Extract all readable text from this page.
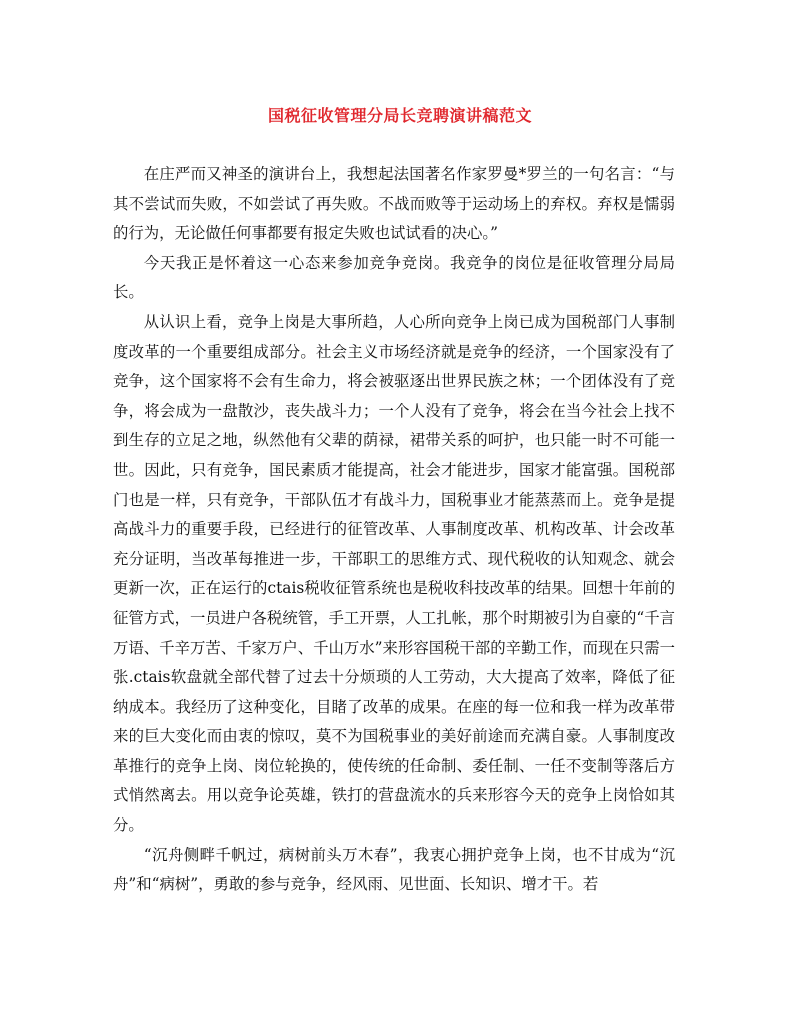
国税征收管理分局长竞聘演讲稿范文

在庄严而又神圣的演讲台上，我想起法国著名作家罗曼*罗兰的一句名言：“与其不尝试而失败，不如尝试了再失败。不战而败等于运动场上的弃权。弃权是懦弱的行为，无论做任何事都要有报定失败也试试看的决心。”

今天我正是怀着这一心态来参加竞争竞岗。我竞争的岗位是征收管理分局局长。

从认识上看，竞争上岗是大事所趋，人心所向竞争上岗已成为国税部门人事制度改革的一个重要组成部分。社会主义市场经济就是竞争的经济，一个国家没有了竞争，这个国家将不会有生命力，将会被驱逐出世界民族之林；一个团体没有了竞争，将会成为一盘散沙，丧失战斗力；一个人没有了竞争，将会在当今社会上找不到生存的立足之地，纵然他有父辈的荫禄，裙带关系的呵护，也只能一时不可能一世。因此，只有竞争，国民素质才能提高，社会才能进步，国家才能富强。国税部门也是一样，只有竞争，干部队伍才有战斗力，国税事业才能蒸蒸而上。竞争是提高战斗力的重要手段，已经进行的征管改革、人事制度改革、机构改革、计会改革充分证明，当改革每推进一步，干部职工的思维方式、现代税收的认知观念、就会更新一次，正在运行的ctais税收征管系统也是税收科技改革的结果。回想十年前的征管方式，一员进户各税统管，手工开票，人工扎帐，那个时期被引为自豪的“千言万语、千辛万苦、千家万户、千山万水”来形容国税干部的辛勤工作，而现在只需一张.ctais软盘就全部代替了过去十分烦琐的人工劳动，大大提高了效率，降低了征纳成本。我经历了这种变化，目睹了改革的成果。在座的每一位和我一样为改革带来的巨大变化而由衷的惊叹，莫不为国税事业的美好前途而充满自豪。人事制度改革推行的竞争上岗、岗位轮换的，使传统的任命制、委任制、一任不变制等落后方式悄然离去。用以竞争论英雄，铁打的营盘流水的兵来形容今天的竞争上岗恰如其分。

“沉舟侧畔千帆过，病树前头万木春”，我衷心拥护竞争上岗，也不甘成为“沉舟”和“病树”，勇敢的参与竞争，经风雨、见世面、长知识、增才干。若
